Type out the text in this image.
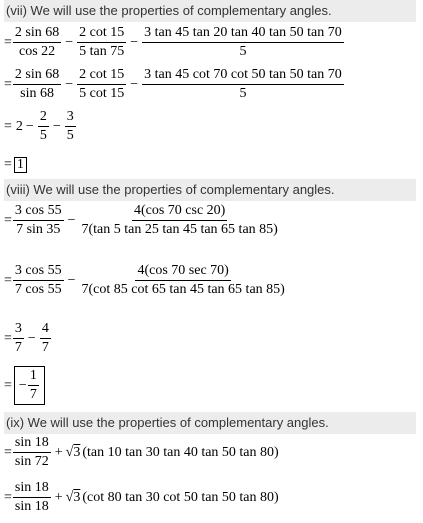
(vii) We will use the properties of complementary angles.
= $\frac{2 \sin 68}{\cos 22} - \frac{2 \cot 15}{5 \tan 75} - \frac{3 \tan 45 \tan 20 \tan 40 \tan 50 \tan 70}{5}$
= $\frac{2 \sin 68}{\sin 68} - \frac{2 \cot 15}{5 \cot 15} - \frac{3 \tan 45 \cot 70 \cot 50 \tan 50 \tan 70}{5}$
= $2 - \frac{2}{5} - \frac{3}{5}$
= 1
(viii) We will use the properties of complementary angles.
= $\frac{3 \cos 55}{7 \sin 35} - \frac{4(\cos 70 \csc 20)}{7(\tan 5 \tan 25 \tan 45 \tan 65 \tan 85)}$
= $\frac{3 \cos 55}{7 \cos 55} - \frac{4(\cos 70 \sec 70)}{7(\cot 85 \cot 65 \tan 45 \tan 65 \tan 85)}$
= $\frac{3}{7} - \frac{4}{7}$
= − $\frac{1}{7}$
(ix) We will use the properties of complementary angles.
= $\frac{\sin 18}{\sin 72} + √3$ (tan 10 tan 30 tan 40 tan 50 tan 80)
= $\frac{\sin 18}{\sin 18} + √3$ (cot 80 tan 30 cot 50 tan 50 tan 80)
